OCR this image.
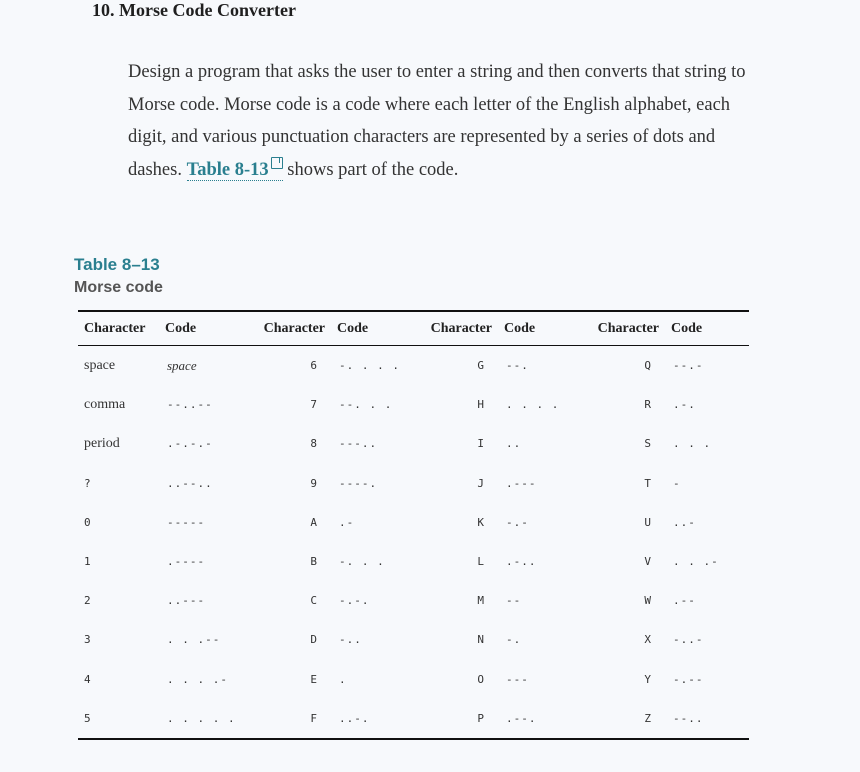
10. Morse Code Converter
Design a program that asks the user to enter a string and then converts that string to Morse code. Morse code is a code where each letter of the English alphabet, each digit, and various punctuation characters are represented by a series of dots and dashes. Table 8-13 shows part of the code.
Table 8–13
Morse code
Character	Code	Character	Code	Character	Code	Character	Code
space	space	6	-. . . .	G	--.	Q	--.-
comma	--..--	7	--. . .	H	. . . .	R	.-.
period	.-.-.-	8	---..	I	..	S	. . .
?	..--..	9	----.	J	.---	T	-
0	-----	A	.-	K	-.-	U	..-
1	.----	B	-. . .	L	.-..	V	. . .-
2	..---	C	-.-.	M	--	W	.--
3	. . .--	D	-..	N	-.	X	-..-
4	. . . .-	E	.	O	---	Y	-.--
5	. . . . .	F	..-.	P	.--.	Z	--..
